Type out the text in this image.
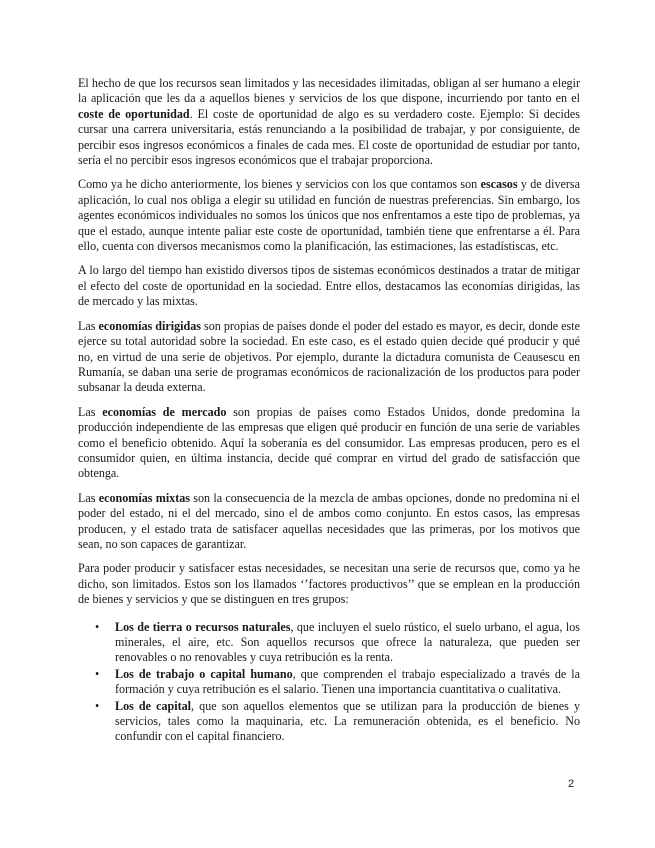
El hecho de que los recursos sean limitados y las necesidades ilimitadas, obligan al ser humano a elegir la aplicación que les da a aquellos bienes y servicios de los que dispone, incurriendo por tanto en el coste de oportunidad. El coste de oportunidad de algo es su verdadero coste. Ejemplo: Si decides cursar una carrera universitaria, estás renunciando a la posibilidad de trabajar, y por consiguiente, de percibir esos ingresos económicos a finales de cada mes. El coste de oportunidad de estudiar por tanto, sería el no percibir esos ingresos económicos que el trabajar proporciona.

Como ya he dicho anteriormente, los bienes y servicios con los que contamos son escasos y de diversa aplicación, lo cual nos obliga a elegir su utilidad en función de nuestras preferencias. Sin embargo, los agentes económicos individuales no somos los únicos que nos enfrentamos a este tipo de problemas, ya que el estado, aunque intente paliar este coste de oportunidad, también tiene que enfrentarse a él. Para ello, cuenta con diversos mecanismos como la planificación, las estimaciones, las estadístiscas, etc.

A lo largo del tiempo han existido diversos tipos de sistemas económicos destinados a tratar de mitigar el efecto del coste de oportunidad en la sociedad. Entre ellos, destacamos las economías dirigidas, las de mercado y las mixtas.

Las economías dirigidas son propias de países donde el poder del estado es mayor, es decir, donde este ejerce su total autoridad sobre la sociedad. En este caso, es el estado quien decide qué producir y qué no, en virtud de una serie de objetivos. Por ejemplo, durante la dictadura comunista de Ceausescu en Rumanía, se daban una serie de programas económicos de racionalización de los productos para poder subsanar la deuda externa.

Las economías de mercado son propias de países como Estados Unidos, donde predomina la producción independiente de las empresas que eligen qué producir en función de una serie de variables como el beneficio obtenido. Aquí la soberanía es del consumidor. Las empresas producen, pero es el consumidor quien, en última instancia, decide qué comprar en virtud del grado de satisfacción que obtenga.

Las economías mixtas son la consecuencia de la mezcla de ambas opciones, donde no predomina ni el poder del estado, ni el del mercado, sino el de ambos como conjunto. En estos casos, las empresas producen, y el estado trata de satisfacer aquellas necesidades que las primeras, por los motivos que sean, no son capaces de garantizar.

Para poder producir y satisfacer estas necesidades, se necesitan una serie de recursos que, como ya he dicho, son limitados. Estos son los llamados ‘’factores productivos’’ que se emplean en la producción de bienes y servicios y que se distinguen en tres grupos:

• Los de tierra o recursos naturales, que incluyen el suelo rústico, el suelo urbano, el agua, los minerales, el aire, etc. Son aquellos recursos que ofrece la naturaleza, que pueden ser renovables o no renovables y cuya retribución es la renta.
• Los de trabajo o capital humano, que comprenden el trabajo especializado a través de la formación y cuya retribución es el salario. Tienen una importancia cuantitativa o cualitativa.
• Los de capital, que son aquellos elementos que se utilizan para la producción de bienes y servicios, tales como la maquinaria, etc. La remuneración obtenida, es el beneficio. No confundir con el capital financiero.
2
